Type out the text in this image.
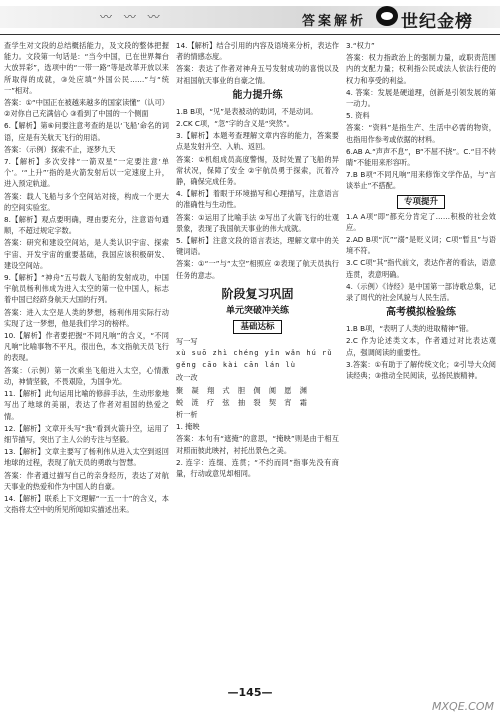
〰 〰 〰	答案解析 世纪金榜

查学生对文段的总结概括能力，及文段的整体把握能力。文段第一句话是：“当今中国，已在世界舞台大放异彩”，选项中的“一带一路”等是改革开放以来所取得的成就，③处应填“外国公民……”与“统一”相对。

答案：①“中国正在被越来越多的国家读懂”（认可） ②对你自己充满信心 ③看到了中国的一个侧面

6.【解析】第⑥问要注意考查的是以‘飞船’命名的词语，应是有关航天飞行的用语。

答案：（示例）探索不止，逐梦九天

7.【解析】多次安排“一箭双星”一定要注意‘单个’。‘“上升”’指的是火箭发射后以一定速度上升，进入预定轨道。

答案：载人飞船与多个空间站对接，构成一个更大的空间实验室。

8.【解析】观点要明确，理由要充分，注意语句通顺，不超过规定字数。

答案：研究和建设空间站，是人类认识宇宙、探索宇宙、开发宇宙的重要基础，我国应该积极研发、建设空间站。

9.【解析】“神舟”五号载人飞船的发射成功，中国宇航员杨利伟成为进入太空的第一位中国人，标志着中国已经跻身航天大国的行列。

答案：进入太空是人类的梦想，杨利伟用实际行动实现了这一梦想，他是我们学习的榜样。

10.【解析】作者要把握“不同凡响”的含义，“不同凡响”比喻事物不平凡，很出色，本文指航天员飞行的表现。

答案：（示例）第一次乘坐飞船进入太空，心情激动，神情坚毅，不畏艰险，为国争光。

11.【解析】此句运用比喻的修辞手法，生动形象地写出了地球的美丽，表达了作者对祖国的热爱之情。

12.【解析】文章开头写“我”看到火箭升空，运用了细节描写，突出了主人公的专注与坚毅。

13.【解析】文章主要写了杨利伟从进入太空到返回地球的过程，表现了航天员的勇敢与智慧。

答案：作者通过描写自己的亲身经历，表达了对航天事业的热爱和作为中国人的自豪。

14.【解析】联系上下文理解“一五一十”的含义，本文指将太空中的所见所闻如实描述出来。

14.【解析】结合引用的内容及语境来分析，表达作者的情感态度。

答案：表达了作者对神舟五号发射成功的喜悦以及对祖国航天事业的自豪之情。

能力提升练

1.B B项，“见”是表被动的助词，不是动词。

2.CK C项，“忽”字的含义是“突然”。

3.【解析】本题考查理解文章内容的能力，答案要点是发射升空、入轨、返回。

答案：①机组成员高度警惕，及时处置了飞船的异常状况，保障了安全 ②宇航员勇于探索，沉着冷静，确保完成任务。

4.【解析】着眼于环境描写和心理描写，注意语言的准确性与生动性。

答案：①运用了比喻手法 ②写出了火箭飞行的壮观景象，表现了我国航天事业的伟大成就。

5.【解析】注意文段的语言表达，理解文章中的关键词语。

答案：①“一”与“太空”相照应 ②表现了航天员执行任务的意志。

阶段复习巩固
单元突破冲关练
基础达标

写一写

xù suō zhì chéng yǐn wǎn hú rǔ

gěng cāo kài cān lán lù

改一改

聚 凝 翔 式 胆 倜 阒 愿 渊

蜕 涟 疗 弦 抽 裂 契 宵 霜

析一析

1. 掩映

答案：本句有“遮掩”的意思，“掩映”则是由于相互对照而彼此映衬，衬托出景色之美。

2. 连字：连缀、连贯；“不约而同”指事先没有商量，行动或意见却相同。

3.“权力”

答案：权力指政治上的强制力量，或职责范围内的支配力量；权利指公民或法人依法行使的权力和享受的利益。

4. 答案：发展是硬道理，创新是引领发展的第一动力。

5. 资料

答案：“资料”是指生产、生活中必需的物资，也指用作参考或依据的材料。

6.AB A.“声声不息”，B“不屈不挠”。C.“目不转睛”不能用来形容听。

7.B B项“不同凡响”用来修饰文学作品，与“言谈举止”不搭配。

专项提升

1.A A项“即”都充分肯定了……积极的社会效应。

2.AD B项“沉”“溺”是贬义词；C项“暂且”与语境不符。

3.C C项“其”指代前文，表达作者的看法，语意连贯，表意明确。

4.（示例）《诗经》是中国第一部诗歌总集，记录了周代的社会风貌与人民生活。

高考模拟检验练

1.B B项，“表明了人类的进取精神”错。

2.C 作为论述类文本，作者通过对比表达观点，强调阅读的重要性。

3.答案：①有助于了解传统文化；②引导大众阅读经典；③推动全民阅读，弘扬民族精神。

—145—
MXQE.COM
